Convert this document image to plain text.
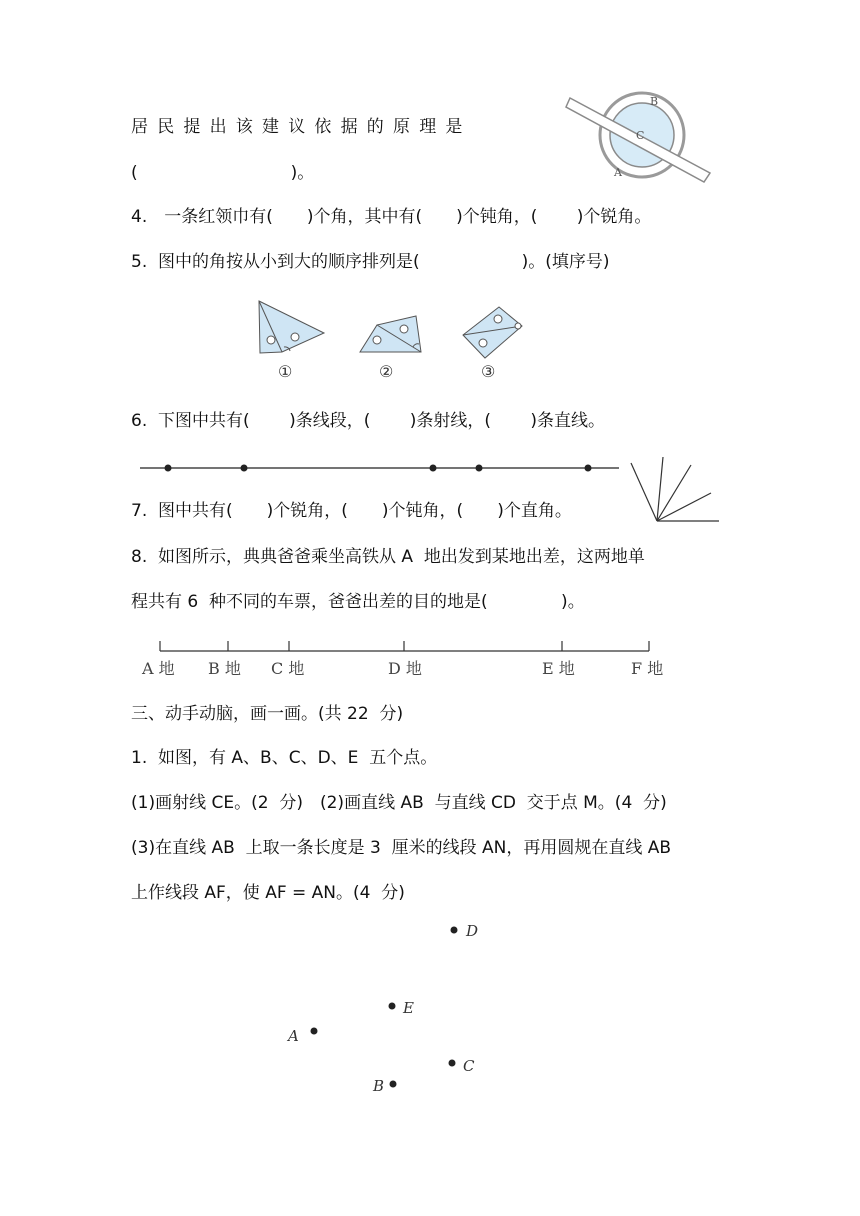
居民提出该建议依据的原理是
(　　　　　　　　　)。
B
C
A
4.　一条红领巾有(　　)个角，其中有(　　)个钝角，(　　 )个锐角。
5.  图中的角按从小到大的顺序排列是(　　　　　　)。(填序号)
①	②	③
6.  下图中共有(　　 )条线段，(　　 )条射线，(　　 )条直线。
7.  图中共有(　　)个锐角，(　　)个钝角，(　　)个直角。
8.  如图所示，典典爸爸乘坐高铁从 A  地出发到某地出差，这两地单
程共有 6  种不同的车票，爸爸出差的目的地是(　　　　 )。
A 地 B 地 C 地	D 地	E 地	F 地
三、动手动脑，画一画。(共 22  分)
1.  如图，有 A、B、C、D、E  五个点。
(1)画射线 CE。(2  分)　(2)画直线 AB  与直线 CD  交于点 M。(4  分)
(3)在直线 AB  上取一条长度是 3  厘米的线段 AN，再用圆规在直线 AB
上作线段 AF，使 AF = AN。(4  分)
D
E
A
C
B
